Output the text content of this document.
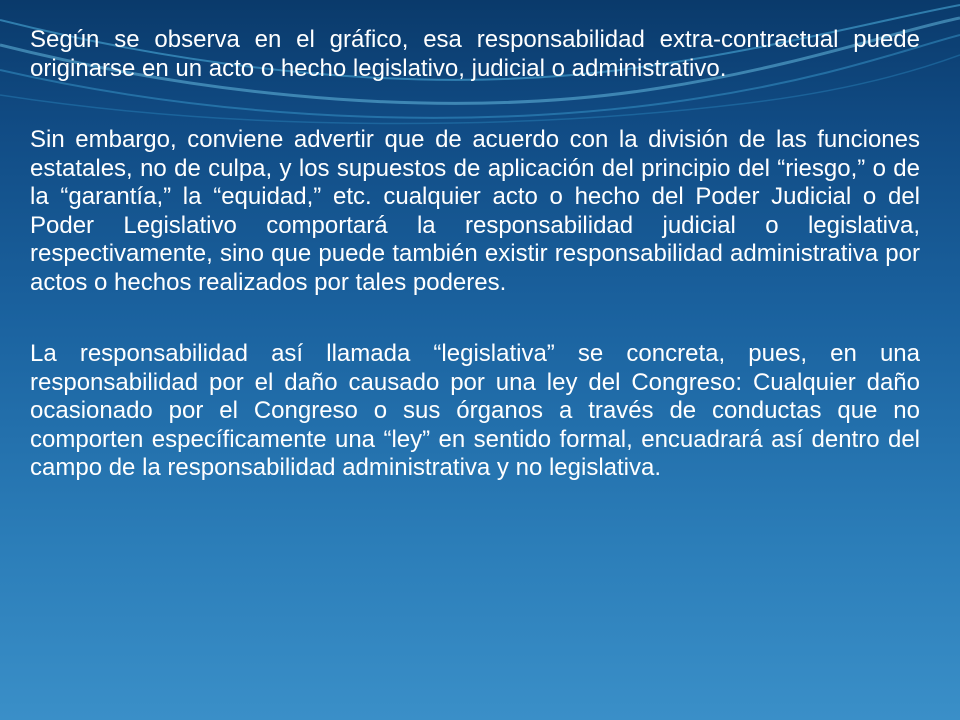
Según se observa en el gráfico, esa responsabilidad extra-contractual puede originarse en un acto o hecho legislativo, judicial o administrativo.

Sin embargo, conviene advertir que de acuerdo con la división de las funciones estatales, no de culpa, y los supuestos de aplicación del principio del “riesgo,” o de la “garantía,” la “equidad,” etc. cualquier acto o hecho del Poder Judicial o del Poder Legislativo comportará la responsabilidad judicial o legislativa, respectivamente, sino que puede también existir responsabilidad administrativa por actos o hechos realizados por tales poderes.

La responsabilidad así llamada “legislativa” se concreta, pues, en una responsabilidad por el daño causado por una ley del Congreso: Cualquier daño ocasionado por el Congreso o sus órganos a través de conductas que no comporten específicamente una “ley” en sentido formal, encuadrará así dentro del campo de la responsabilidad administrativa y no legislativa.
